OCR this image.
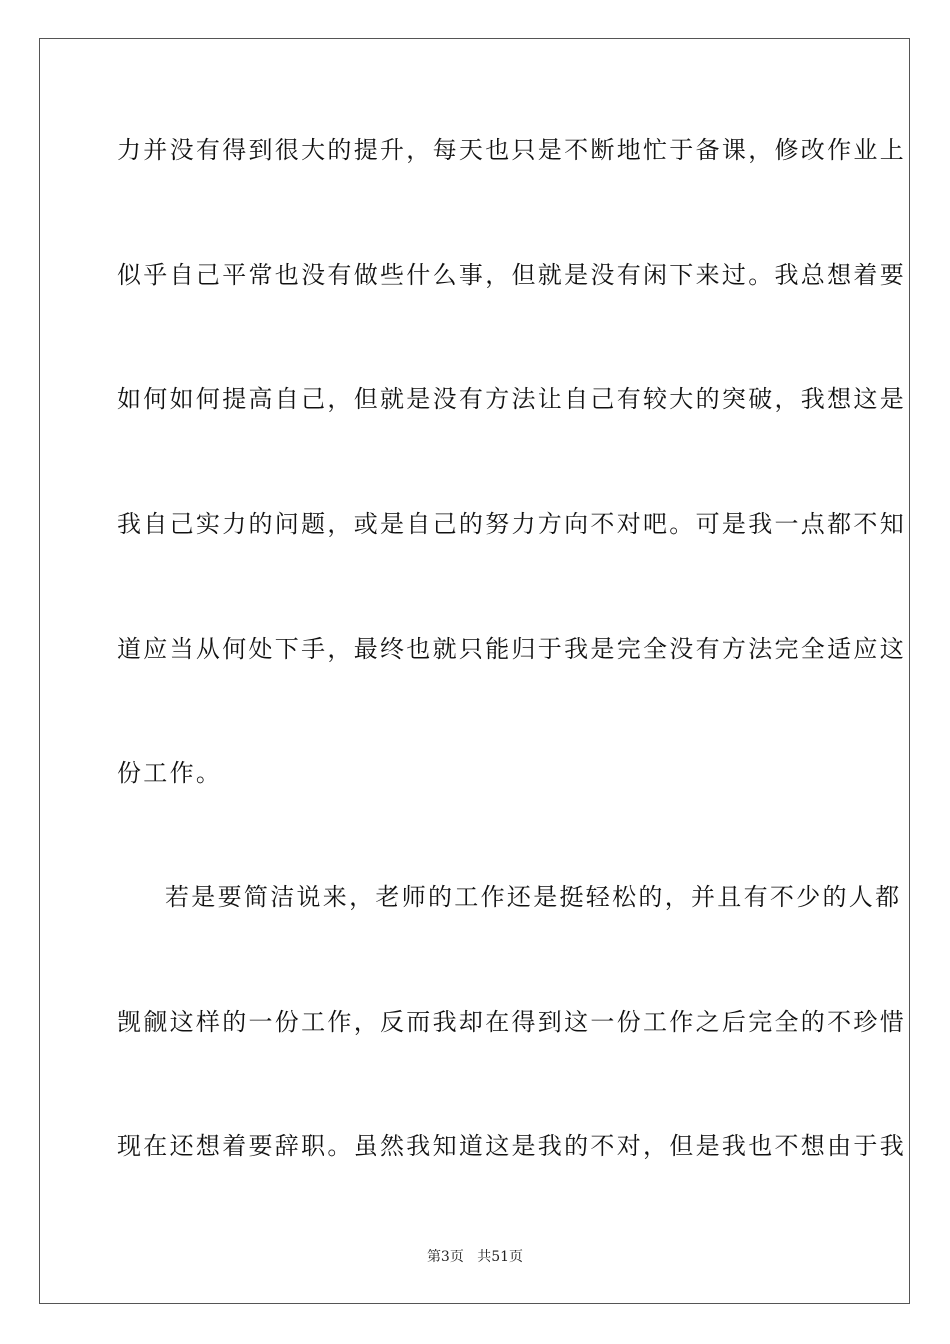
力并没有得到很大的提升，每天也只是不断地忙于备课，修改作业上
似乎自己平常也没有做些什么事，但就是没有闲下来过。我总想着要
如何如何提高自己，但就是没有方法让自己有较大的突破，我想这是
我自己实力的问题，或是自己的努力方向不对吧。可是我一点都不知
道应当从何处下手，最终也就只能归于我是完全没有方法完全适应这
份工作。
若是要简洁说来，老师的工作还是挺轻松的，并且有不少的人都
觊觎这样的一份工作，反而我却在得到这一份工作之后完全的不珍惜
现在还想着要辞职。虽然我知道这是我的不对，但是我也不想由于我
第3页 共51页
